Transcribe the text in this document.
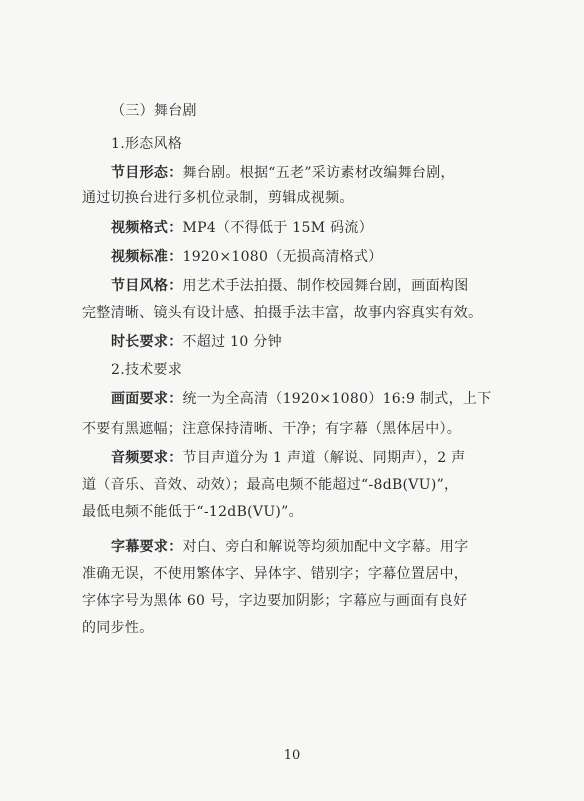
（三）舞台剧
1.形态风格
节目形态：舞台剧。根据“五老”采访素材改编舞台剧，
通过切换台进行多机位录制，剪辑成视频。
视频格式：MP4（不得低于 15M 码流）
视频标准：1920×1080（无损高清格式）
节目风格：用艺术手法拍摄、制作校园舞台剧，画面构图
完整清晰、镜头有设计感、拍摄手法丰富，故事内容真实有效。
时长要求：不超过 10 分钟
2.技术要求
画面要求：统一为全高清（1920×1080）16:9 制式，上下
不要有黑遮幅；注意保持清晰、干净；有字幕（黑体居中）。
音频要求：节目声道分为 1 声道（解说、同期声），2 声
道（音乐、音效、动效）；最高电频不能超过“-8dB(VU)”，
最低电频不能低于“-12dB(VU)”。
字幕要求：对白、旁白和解说等均须加配中文字幕。用字
准确无误，不使用繁体字、异体字、错别字；字幕位置居中，
字体字号为黑体 60 号，字边要加阴影；字幕应与画面有良好
的同步性。
10
